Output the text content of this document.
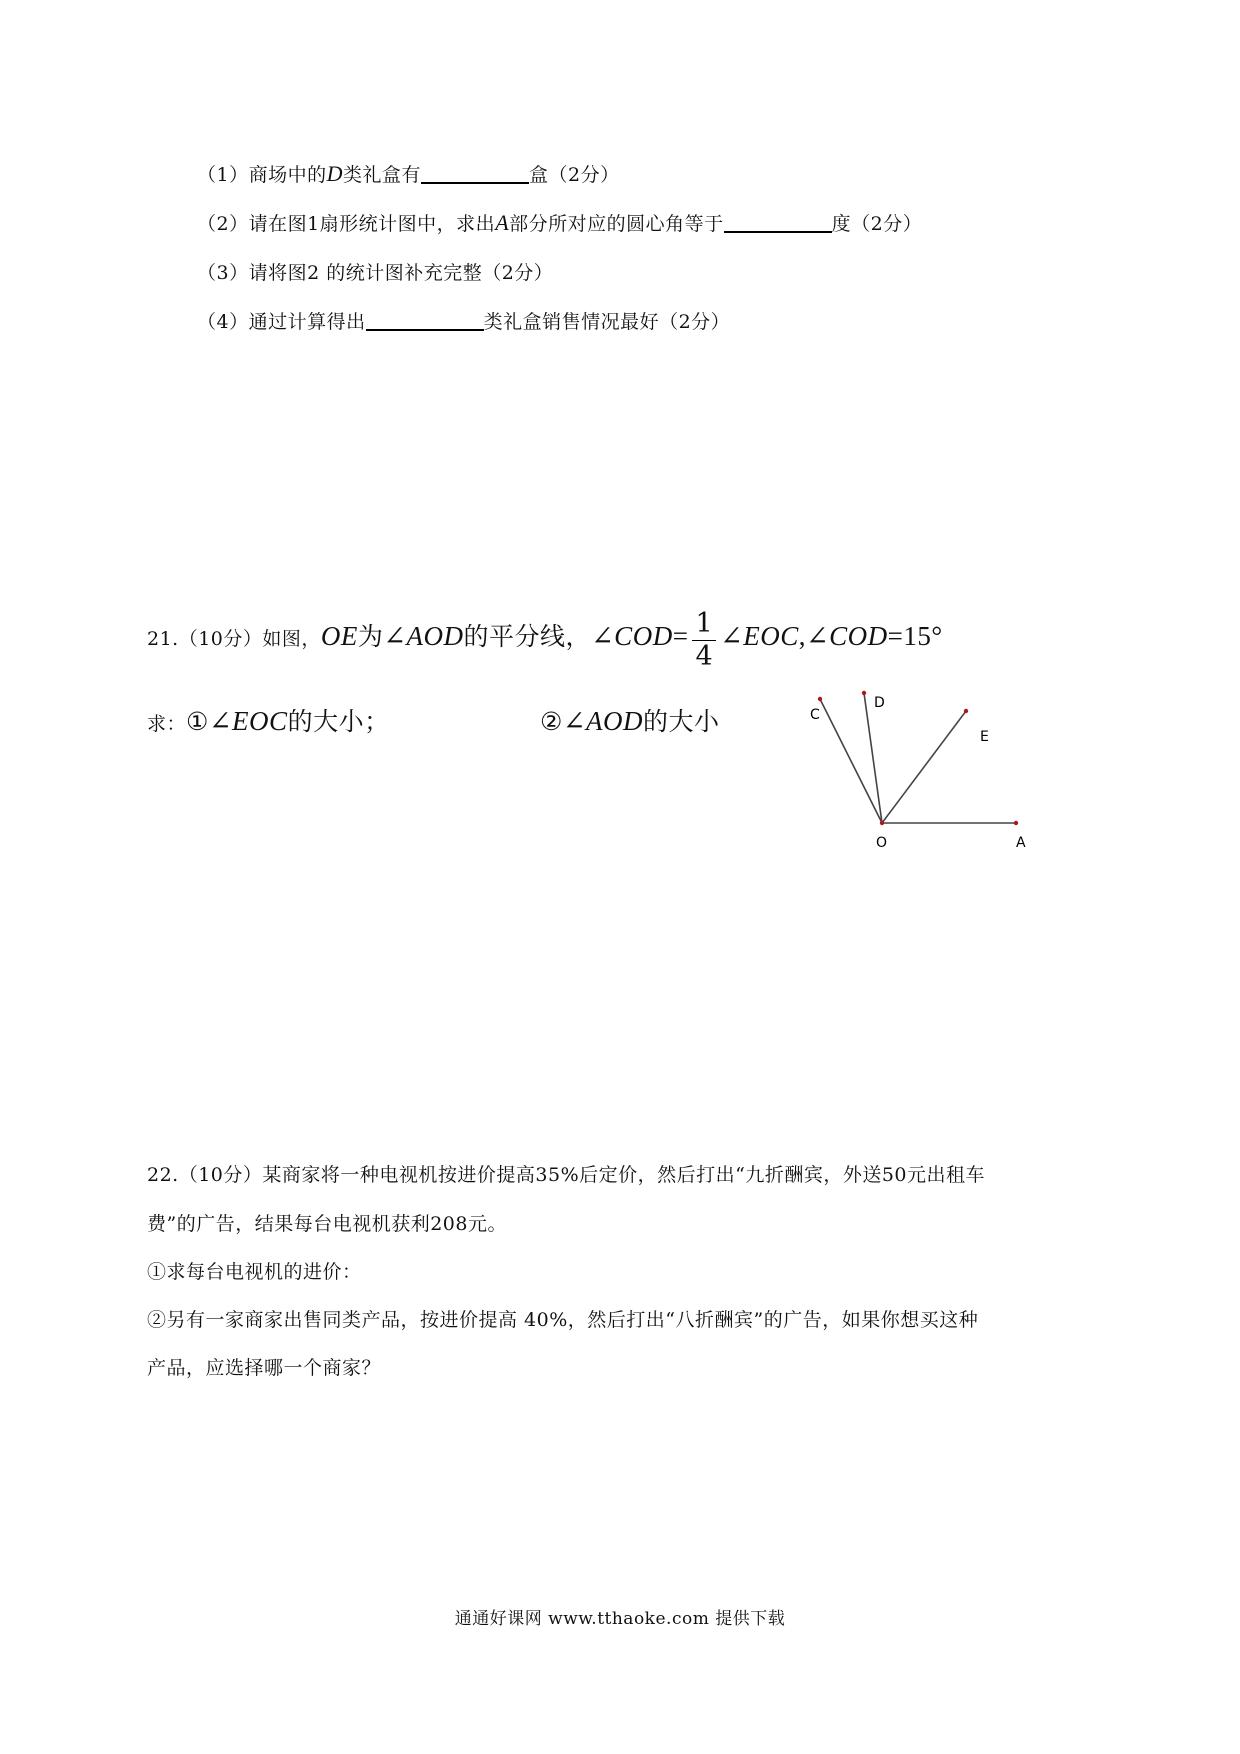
（1）商场中的D类礼盒有	盒（2分）
（2）请在图1扇形统计图中，求出A部分所对应的圆心角等于	度（2分）
（3）请将图2 的统计图补充完整（2分）
（4）通过计算得出	类礼盒销售情况最好（2分）
21.（10分）如图，OE为∠AOD的平分线，∠COD= $\frac{1}{4}$ ∠EOC,∠COD=15°
求：①∠EOC的大小；	②∠AOD的大小	C
D
E
O	A
22.（10分）某商家将一种电视机按进价提高35%后定价，然后打出“九折酬宾，外送50元出租车
费”的广告，结果每台电视机获利208元。
①求每台电视机的进价：
②另有一家商家出售同类产品，按进价提高 40%，然后打出“八折酬宾”的广告，如果你想买这种
产品，应选择哪一个商家？
通通好课网 www.tthaoke.com 提供下载
